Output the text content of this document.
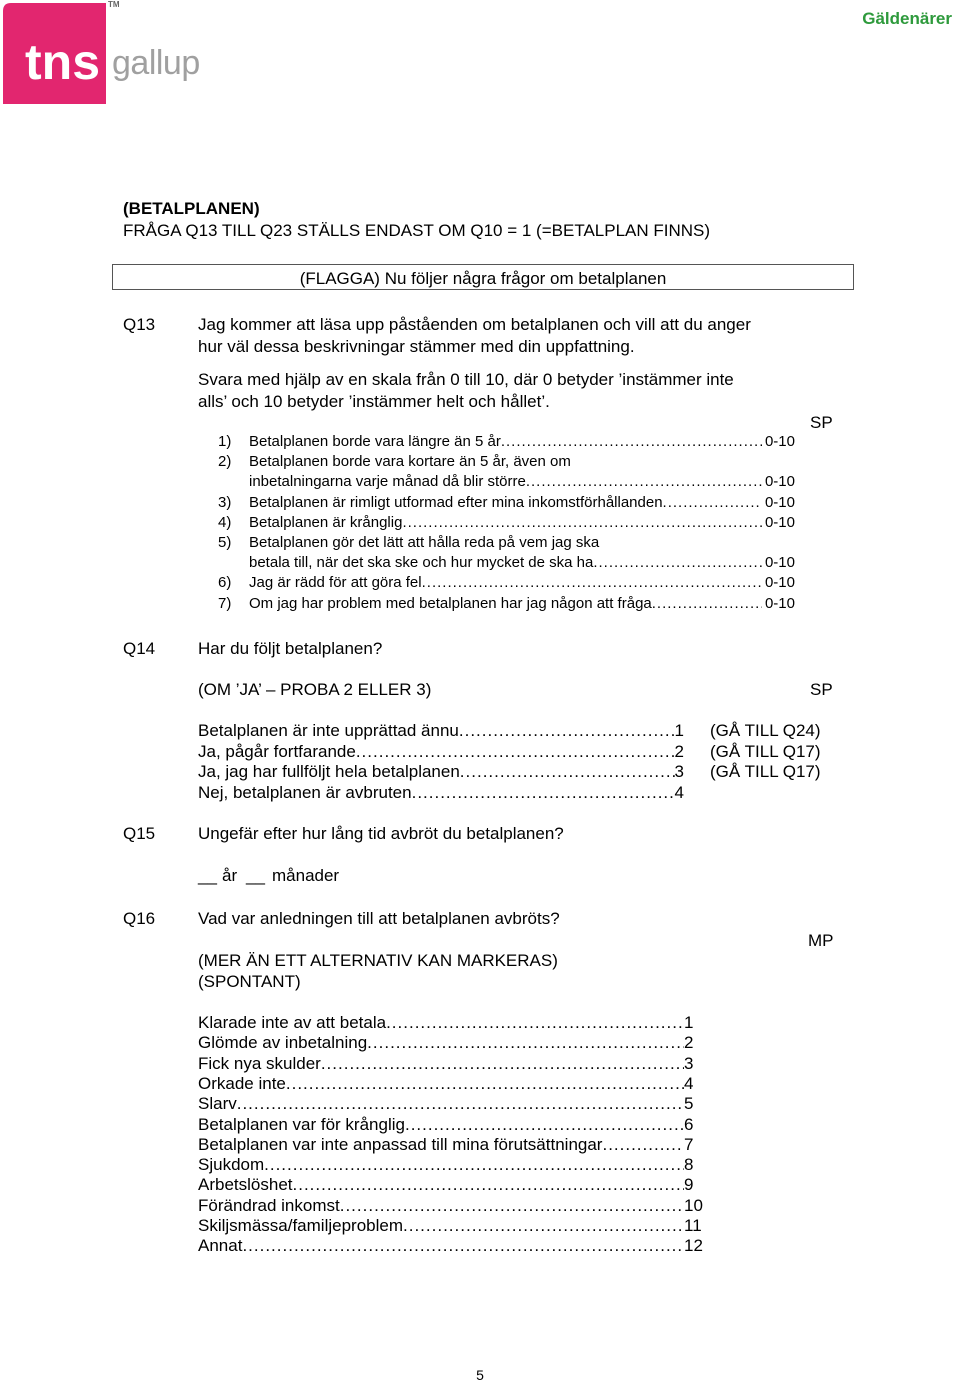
tns
TM
gallup
Gäldenärer
(BETALPLANEN)
FRÅGA Q13 TILL Q23 STÄLLS ENDAST OM Q10 = 1 (=BETALPLAN FINNS)
(FLAGGA) Nu följer några frågor om betalplanen
Q13	Jag kommer att läsa upp påståenden om betalplanen och vill att du anger
hur väl dessa beskrivningar stämmer med din uppfattning.
Svara med hjälp av en skala från 0 till 10, där 0 betyder ’instämmer inte
alls’ och 10 betyder ’instämmer helt och hållet’.
SP
1) Betalplanen borde vara längre än 5 år .....	0-10
2) Betalplanen borde vara kortare än 5 år, även om
inbetalningarna varje månad då blir större .....	0-10
3) Betalplanen är rimligt utformad efter mina inkomstförhållanden .....	0-10
4) Betalplanen är krånglig .....	0-10
5) Betalplanen gör det lätt att hålla reda på vem jag ska
betala till, när det ska ske och hur mycket de ska ha .....	0-10
6) Jag är rädd för att göra fel .....	0-10
7) Om jag har problem med betalplanen har jag någon att fråga .....	0-10
Q14	Har du följt betalplanen?
(OM ’JA’ – PROBA 2 ELLER 3)	SP
Betalplanen är inte upprättad ännu .....	1 (GÅ TILL Q24)
Ja, pågår fortfarande .....	2 (GÅ TILL Q17)
Ja, jag har fullföljt hela betalplanen .....	3 (GÅ TILL Q17)
Nej, betalplanen är avbruten .....	4
Q15	Ungefär efter hur lång tid avbröt du betalplanen?
__ år __ månader
Q16	Vad var anledningen till att betalplanen avbröts?
MP
(MER ÄN ETT ALTERNATIV KAN MARKERAS)
(SPONTANT)
Klarade inte av att betala .....	1
Glömde av inbetalning .....	2
Fick nya skulder .....	3
Orkade inte .....	4
Slarv .....	5
Betalplanen var för krånglig .....	6
Betalplanen var inte anpassad till mina förutsättningar .....	7
Sjukdom .....	8
Arbetslöshet .....	9
Förändrad inkomst .....	10
Skiljsmässa/familjeproblem .....	11
Annat .....	12
5
